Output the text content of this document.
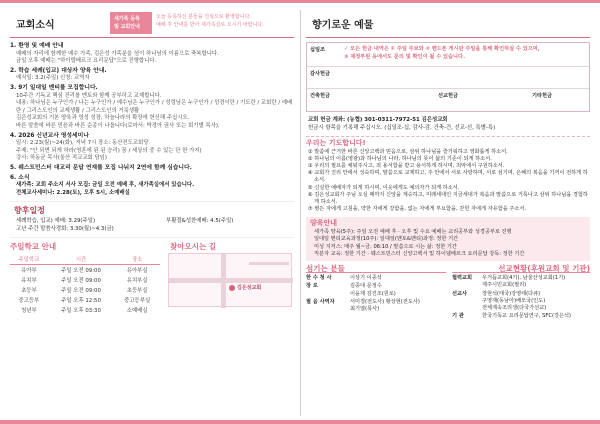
교회소식
새가족 등록
및 교회안내
오늘 등록하신 분들을 진심으로 환영합니다.
예배 후 안내를 받아 새가족실로 오시기 바랍니다.
1. 환영 및 예배 안내
예배의 자리에 함께한 예수 가족, 김은성 가족분을 섬이 하나님의 이름으로 축복합니다.
금일 오후 예배는 "하이델베르크 요리문답"으로 진행합니다.
2. 학습 세례(입교) 대상자 양육 안내.
예식일: 3.2(주일) 신청: 교역자
3. 9기 일대일 멘티를 모집합니다.
10주간 기독교 핵심 진리를 멘토와 함께 공부하고 교제합니다.
내용: 하나님은 누구인가 / 나는 누구인가 / 예수님은 누구인가 / 성령님은 누구인가 / 성경이란 / 기도란 / 교회란 / 예배란 / 그리스도인의 교제생활 / 그리스도인의 거룩생활
김은성교회의 기본 양육과 영성 성장, 하늘나라의 확장에 헌신해 주십시오.
바른 말씀에 바른 믿음과 바른 순종이 나옵니다(로마서: 박경아 권사 또는 회기별 목사).
4. 2026 신년교사 영성세미나
일시: 2.23(월)~24(화), 저녁 7시 장소: 동산전도교회당
주제: "안 되면 되게 하라(영혼에 된 된 승리) 꿈 / 세상의 중 수 있는 단 한 가지)
강사: 하동균 목사(울산 적교교회 담임)
5. 웨스트민스터 대교리 문답 연재를 모집 나눠지 2연에 함께 심습니다.
6. 소식
새가족: 교회 주소지 서사 모집: 금일 오전 예배 후, 새가족실에서 있습니다.
전체교사세미나: 2.28(토), 오후 5시, 소예배실
향후일정
세례학습, 입교) 예배: 3.29(주일)	부활절&성찬예배: 4.5(주일)
고난 주간 말씀사경회: 3.30(월)~4.3(금)
주일학교 안내
주일학교	시간	장소
유아부	주일 오전 09:00	유아부실
유치부	주일 오전 09:00	유치부실
초등부	주일 오전 09:00	초등부실
중고등부	주일 오후 12:50	중고등부실
청년부	주일 오후 03:30	소예배실
찾아오시는 길
김은성교회
향기로운 예물
십일조	✓ 모든 헌금 내역은 ① 주일 주보와 ② 핸드폰 게시판 주일을 통해 확인하실 수 있으며,
③ 재정부원 동에서도 문의 및 확인이 될 수 있습니다.
감사헌금
건축헌금	선교헌금	기타헌금
교회 헌금 계좌: (농협) 301-0311-7972-51 김은성교회
헌금시 항목을 기록해 주십시오. (십일조-십, 감사-감, 건축-건, 선교-선, 특별-특)
우리는 기도합니다!
① 말씀에 근거한 바른 신앙고백과 믿음으로, 삼위 하나님을 즐거워하고 영화롭게 하소서.
② 하나님의 이름(영광)과 하나님의 나라, 하나님의 뜻이 삶의 기준이 되게 하소서.
③ 우리의 필요를 채워주시고, 죄 용서함을 받고 용서하게 하시며, 죄악에서 구원하소서.
④ 교회가 진리 안에서 성숙하며, 말씀으로 교제하고, 주 안에서 서로 사랑하며, 서로 섬기며, 은혜의 복음을 기꺼이 전하게 하소서.
⑤ 신실한 예배자가 되게 하시며, 이웃에게도 예의자가 되게 하소서.
⑥ 김은성교회가 주님 오실 때까지 신앙을 계승하고, 미래세대인 지금세대가 복음과 말씀으로 거룩나고 삼위 하나님을 경험하게 하소서.
⑦ 병든 자에게 고침을, 약한 자에게 강함을, 없는 자에게 부요함을, 갇힌 자에게 자유함을 주소서.
양육안내
세가족 양육(5주): 주일 오전 예배 후 · 오후 및 수요 예배는 교리공부와 성경공부로 진행
일대일 멘티교육과정(10주): 일대일(멘토&멘티)과정: 정한 기간
미성 지저스: 매주 월~금, 06:10 / 말씀으로 시는 삶: 정한 기간
직분자 교육: 정한 기간 · 웨스트민스터 신앙고백서 및 하이델베르크 요리문답 강독: 정한 기간
섬기는 분들
한 수 청 사	이상기 이종석
장 로	김종대 문정수
이윤재 김진조(원로)
필 음 사역자	서미경(전도사) 황상현(전도사)
최기열(목사)
선교현황(후원교회 및 기관)
협력교회	우거듭교회(4기), 남울산성교회(1기)
제주시민교회(필리)
선교사	장현석(태국)강영태(다큐)
구영재(동남아)배모국(인도)
전체계속조리생(다국가선교)
기 관	한국기독교 요리문답연구, SFC(강은석)
